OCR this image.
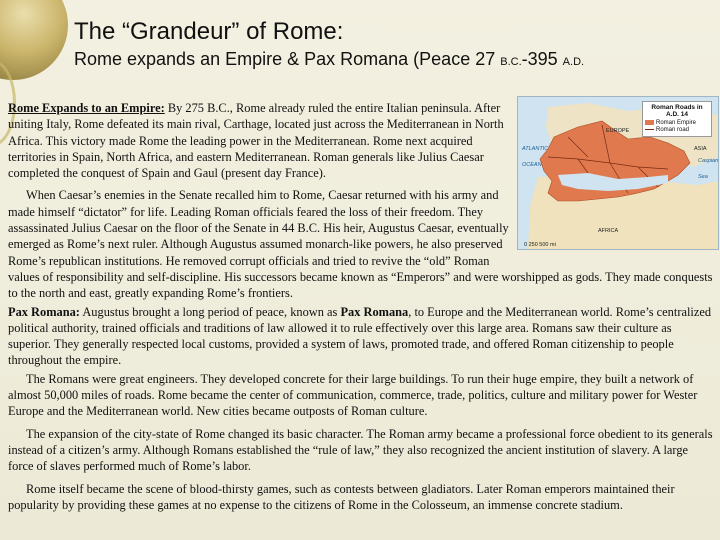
The “Grandeur” of Rome:
Rome expands an Empire & Pax Romana (Peace 27 B.C.-395 A.D.
Roman Roads in A.D. 14
Roman Empire
Roman road
EUROPE
ASIA
AFRICA
ATLANTIC OCEAN
Caspian Sea
0 250 500 mi

Rome Expands to an Empire: By 275 B.C., Rome already ruled the entire Italian peninsula. After uniting Italy, Rome defeated its main rival, Carthage, located just across the Mediterranean in North Africa. This victory made Rome the leading power in the Mediterranean. Rome next acquired territories in Spain, North Africa, and eastern Mediterranean. Roman generals like Julius Caesar completed the conquest of Spain and Gaul (present day France).

When Caesar’s enemies in the Senate recalled him to Rome, Caesar returned with his army and made himself “dictator” for life. Leading Roman officials feared the loss of their freedom. They assassinated Julius Caesar on the floor of the Senate in 44 B.C. His heir, Augustus Caesar, eventually emerged as Rome’s next ruler. Although Augustus assumed monarch-like powers, he also preserved Rome’s republican institutions. He removed corrupt officials and tried to revive the “old” Roman values of responsibility and self-discipline. His successors became known as “Emperors” and were worshipped as gods. They made conquests to the north and east, greatly expanding Rome’s frontiers.

Pax Romana: Augustus brought a long period of peace, known as Pax Romana, to Europe and the Mediterranean world. Rome’s centralized political authority, trained officials and traditions of law allowed it to rule effectively over this large area. Romans saw their culture as superior. They generally respected local customs, provided a system of laws, promoted trade, and offered Roman citizenship to people throughout the empire.

The Romans were great engineers. They developed concrete for their large buildings. To run their huge empire, they built a network of almost 50,000 miles of roads. Rome became the center of communication, commerce, trade, politics, culture and military power for Wester Europe and the Mediterranean world. New cities became outposts of Roman culture.

The expansion of the city-state of Rome changed its basic character. The Roman army became a professional force obedient to its generals instead of a citizen’s army. Although Romans established the “rule of law,” they also recognized the ancient institution of slavery. A large force of slaves performed much of Rome’s labor.

Rome itself became the scene of blood-thirsty games, such as contests between gladiators. Later Roman emperors maintained their popularity by providing these games at no expense to the citizens of Rome in the Colosseum, an immense concrete stadium.
